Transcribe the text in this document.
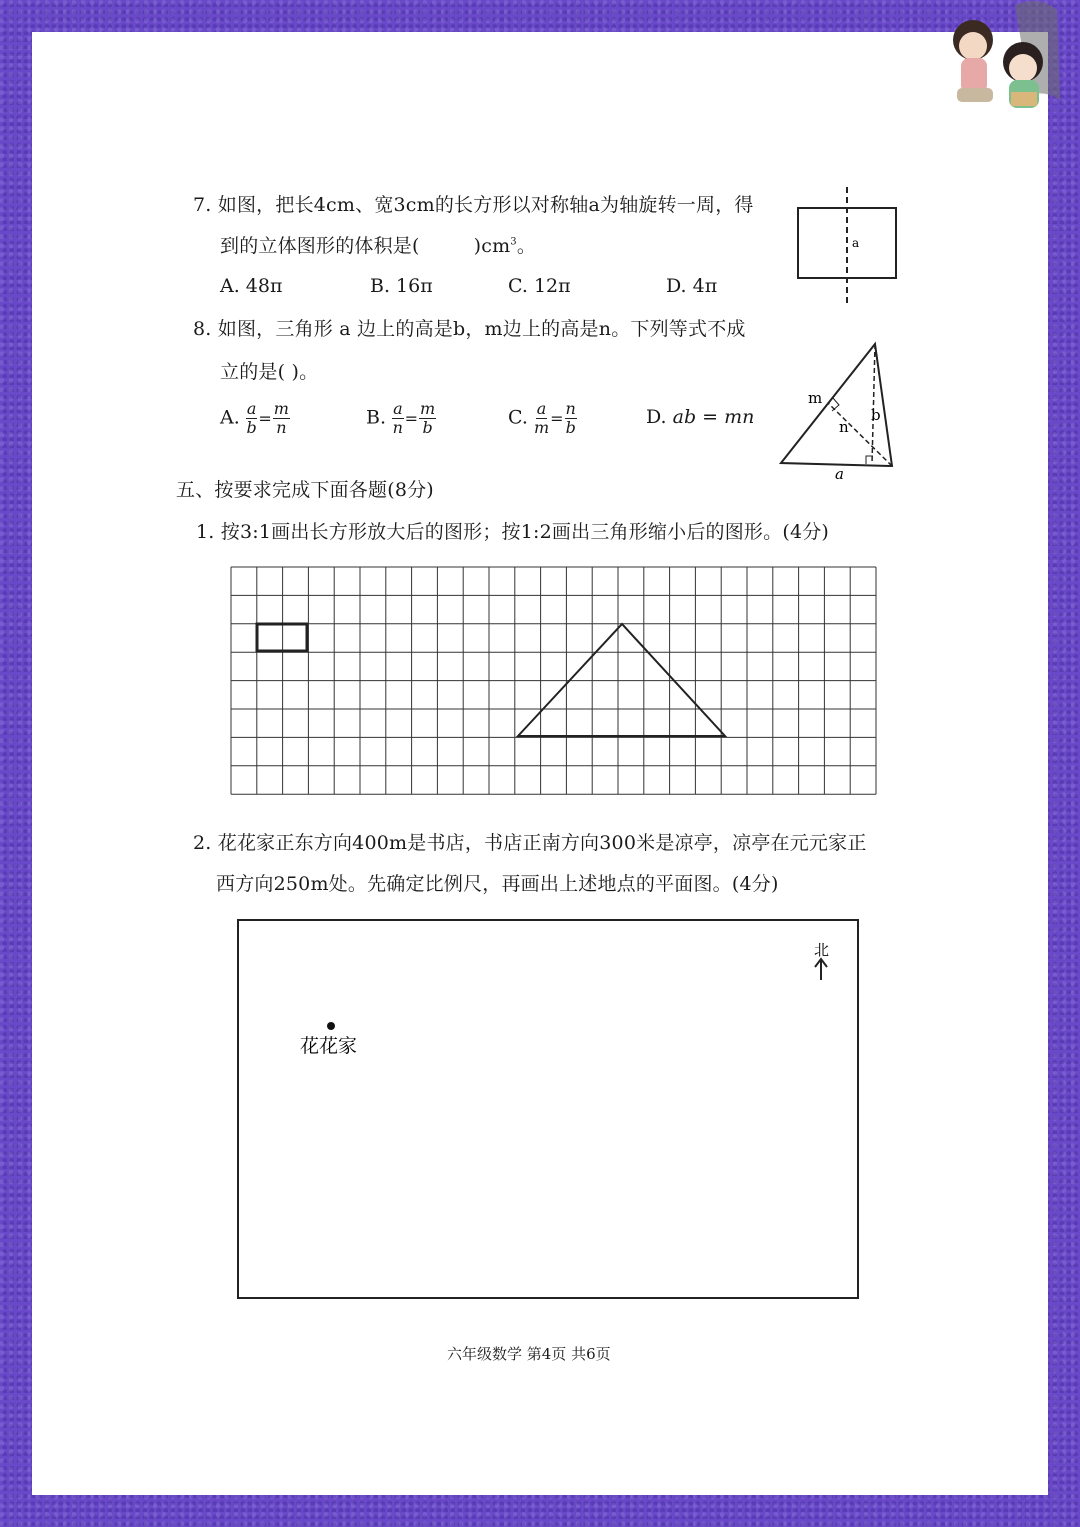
7. 如图，把长4cm、宽3cm的长方形以对称轴a为轴旋转一周，得
到的立体图形的体积是(	)$cm^3$。
A. 48π	B. 16π	C. 12π	D. 4π
a
8. 如图，三角形 a 边上的高是b，m边上的高是n。下列等式不成
立的是( )。
A. $\frac{a}{b} = \frac{m}{n}$	B. $\frac{a}{n} = \frac{m}{b}$	C. $\frac{a}{m} = \frac{n}{b}$	D. ab = mn
m
n
b
a
五、按要求完成下面各题(8分)
1. 按3:1画出长方形放大后的图形；按1:2画出三角形缩小后的图形。(4分)
2. 花花家正东方向400m是书店，书店正南方向300米是凉亭，凉亭在元元家正
西方向250m处。先确定比例尺，再画出上述地点的平面图。(4分)
北
花花家
六年级数学 第4页 共6页
